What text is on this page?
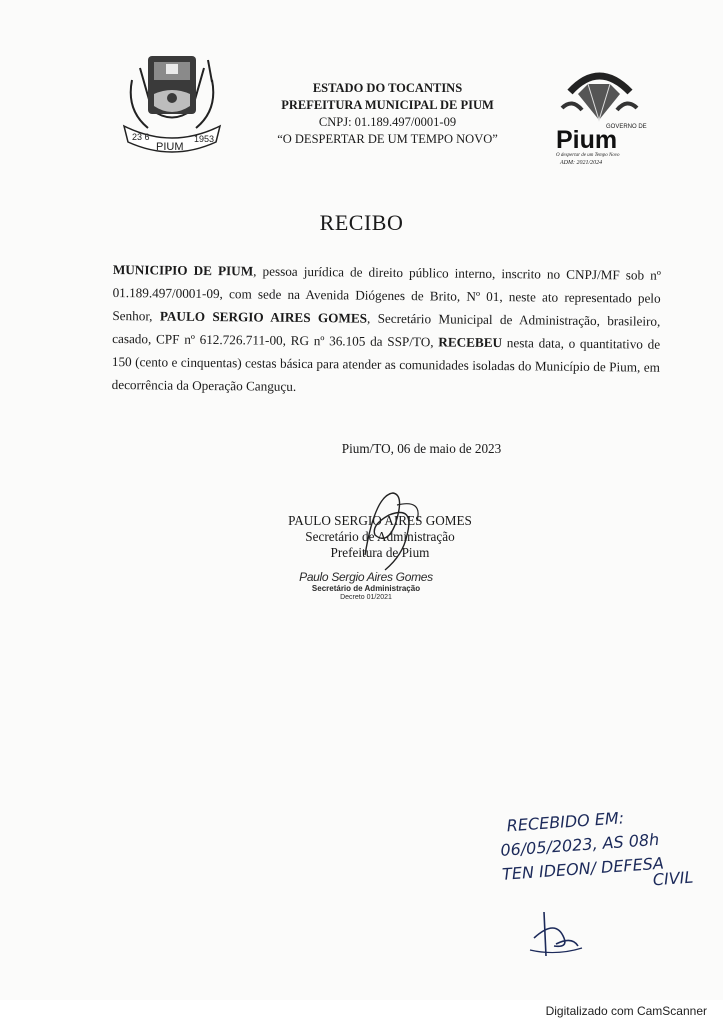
23 6
PIUM
1953
ESTADO DO TOCANTINS
PREFEITURA MUNICIPAL DE PIUM
CNPJ: 01.189.497/0001-09
“O DESPERTAR DE UM TEMPO NOVO”
GOVERNO DE
Pium
O despertar de um Tempo Novo
ADM: 2021/2024
RECIBO
MUNICIPIO DE PIUM, pessoa jurídica de direito público interno, inscrito no CNPJ/MF sob nº 01.189.497/0001-09, com sede na Avenida Diógenes de Brito, Nº 01, neste ato representado pelo Senhor, PAULO SERGIO AIRES GOMES, Secretário Municipal de Administração, brasileiro, casado, CPF nº 612.726.711-00, RG nº 36.105 da SSP/TO, RECEBEU nesta data, o quantitativo de 150 (cento e cinquentas) cestas básica para atender as comunidades isoladas do Município de Pium, em decorrência da Operação Canguçu.
Pium/TO, 06 de maio de 2023
PAULO SERGIO AIRES GOMES
Secretário de Administração
Prefeitura de Pium
Paulo Sergio Aires Gomes
Secretário de Administração
Decreto 01/2021
RECEBIDO EM:
06/05/2023, AS 08h
TEN IDEON/ DEFESA
CIVIL
Digitalizado com CamScanner
